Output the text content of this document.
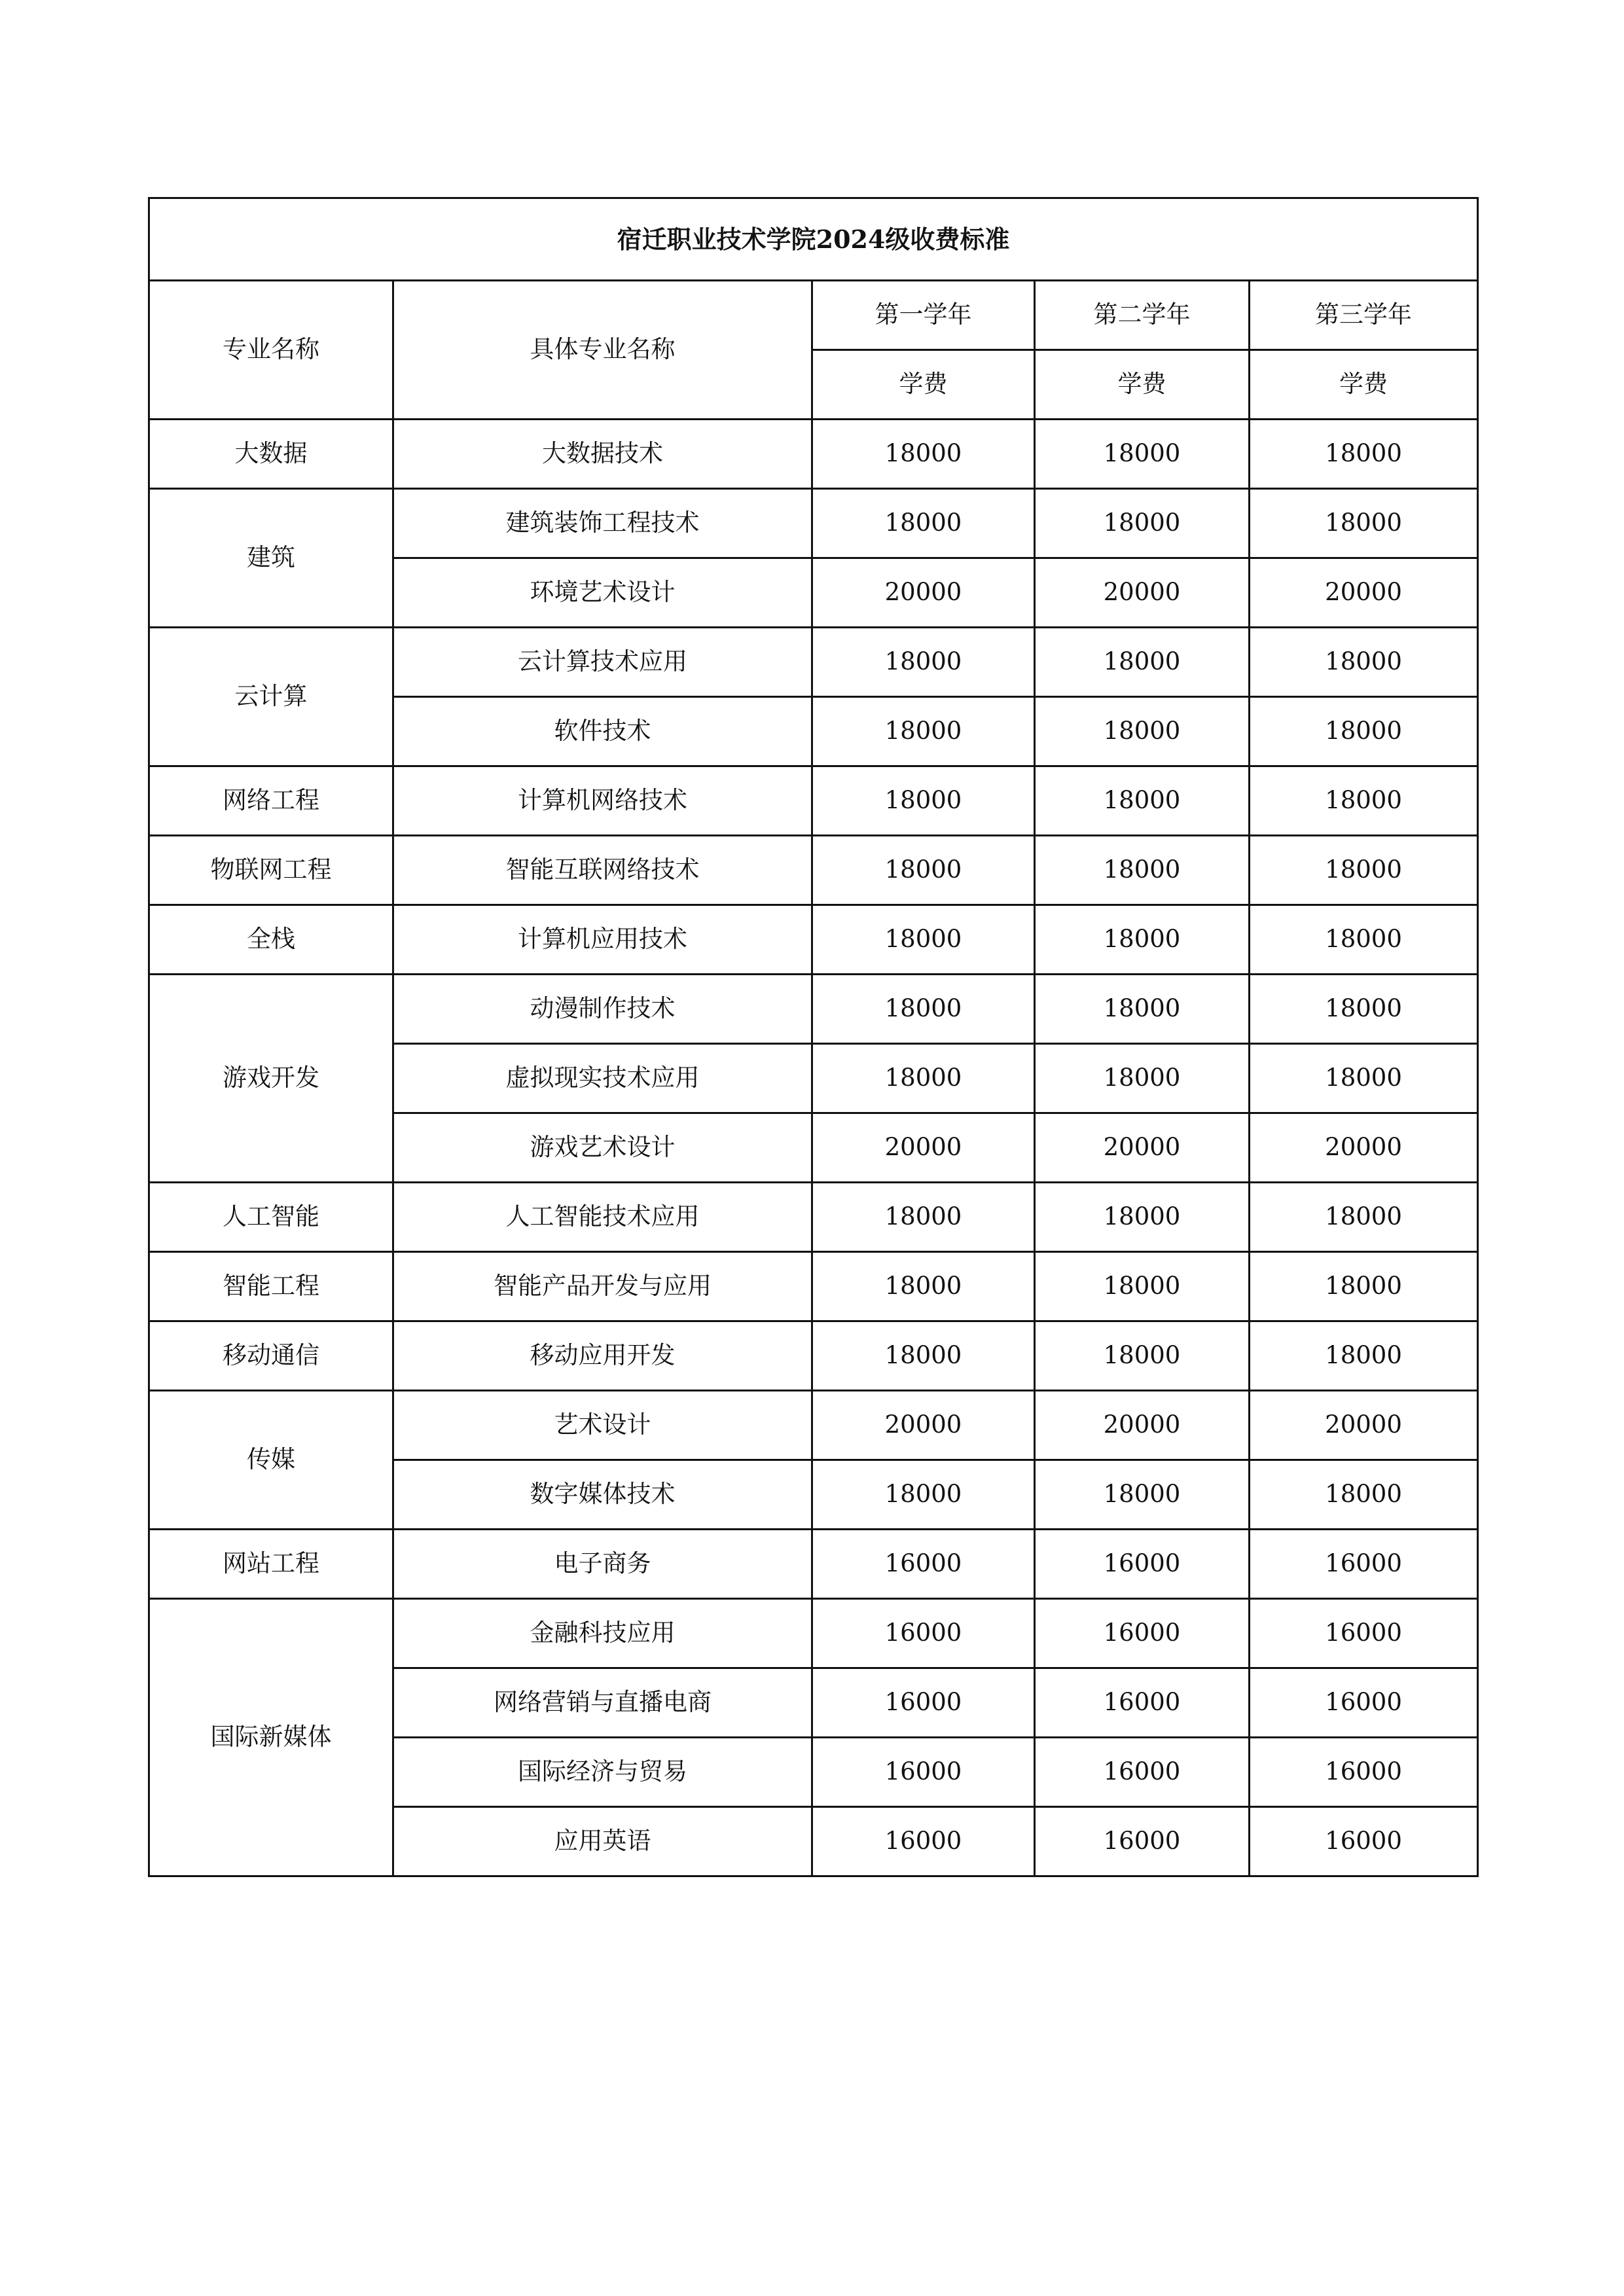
宿迁职业技术学院2024级收费标准				
专业名称	具体专业名称	第一学年	第二学年	第三学年
		学费	学费	学费
大数据	大数据技术	18000	18000	18000
建筑	建筑装饰工程技术	18000	18000	18000
	环境艺术设计	20000	20000	20000
云计算	云计算技术应用	18000	18000	18000
	软件技术	18000	18000	18000
网络工程	计算机网络技术	18000	18000	18000
物联网工程	智能互联网络技术	18000	18000	18000
全栈	计算机应用技术	18000	18000	18000
游戏开发	动漫制作技术	18000	18000	18000
	虚拟现实技术应用	18000	18000	18000
	游戏艺术设计	20000	20000	20000
人工智能	人工智能技术应用	18000	18000	18000
智能工程	智能产品开发与应用	18000	18000	18000
移动通信	移动应用开发	18000	18000	18000
传媒	艺术设计	20000	20000	20000
	数字媒体技术	18000	18000	18000
网站工程	电子商务	16000	16000	16000
国际新媒体	金融科技应用	16000	16000	16000
	网络营销与直播电商	16000	16000	16000
	国际经济与贸易	16000	16000	16000
	应用英语	16000	16000	16000
